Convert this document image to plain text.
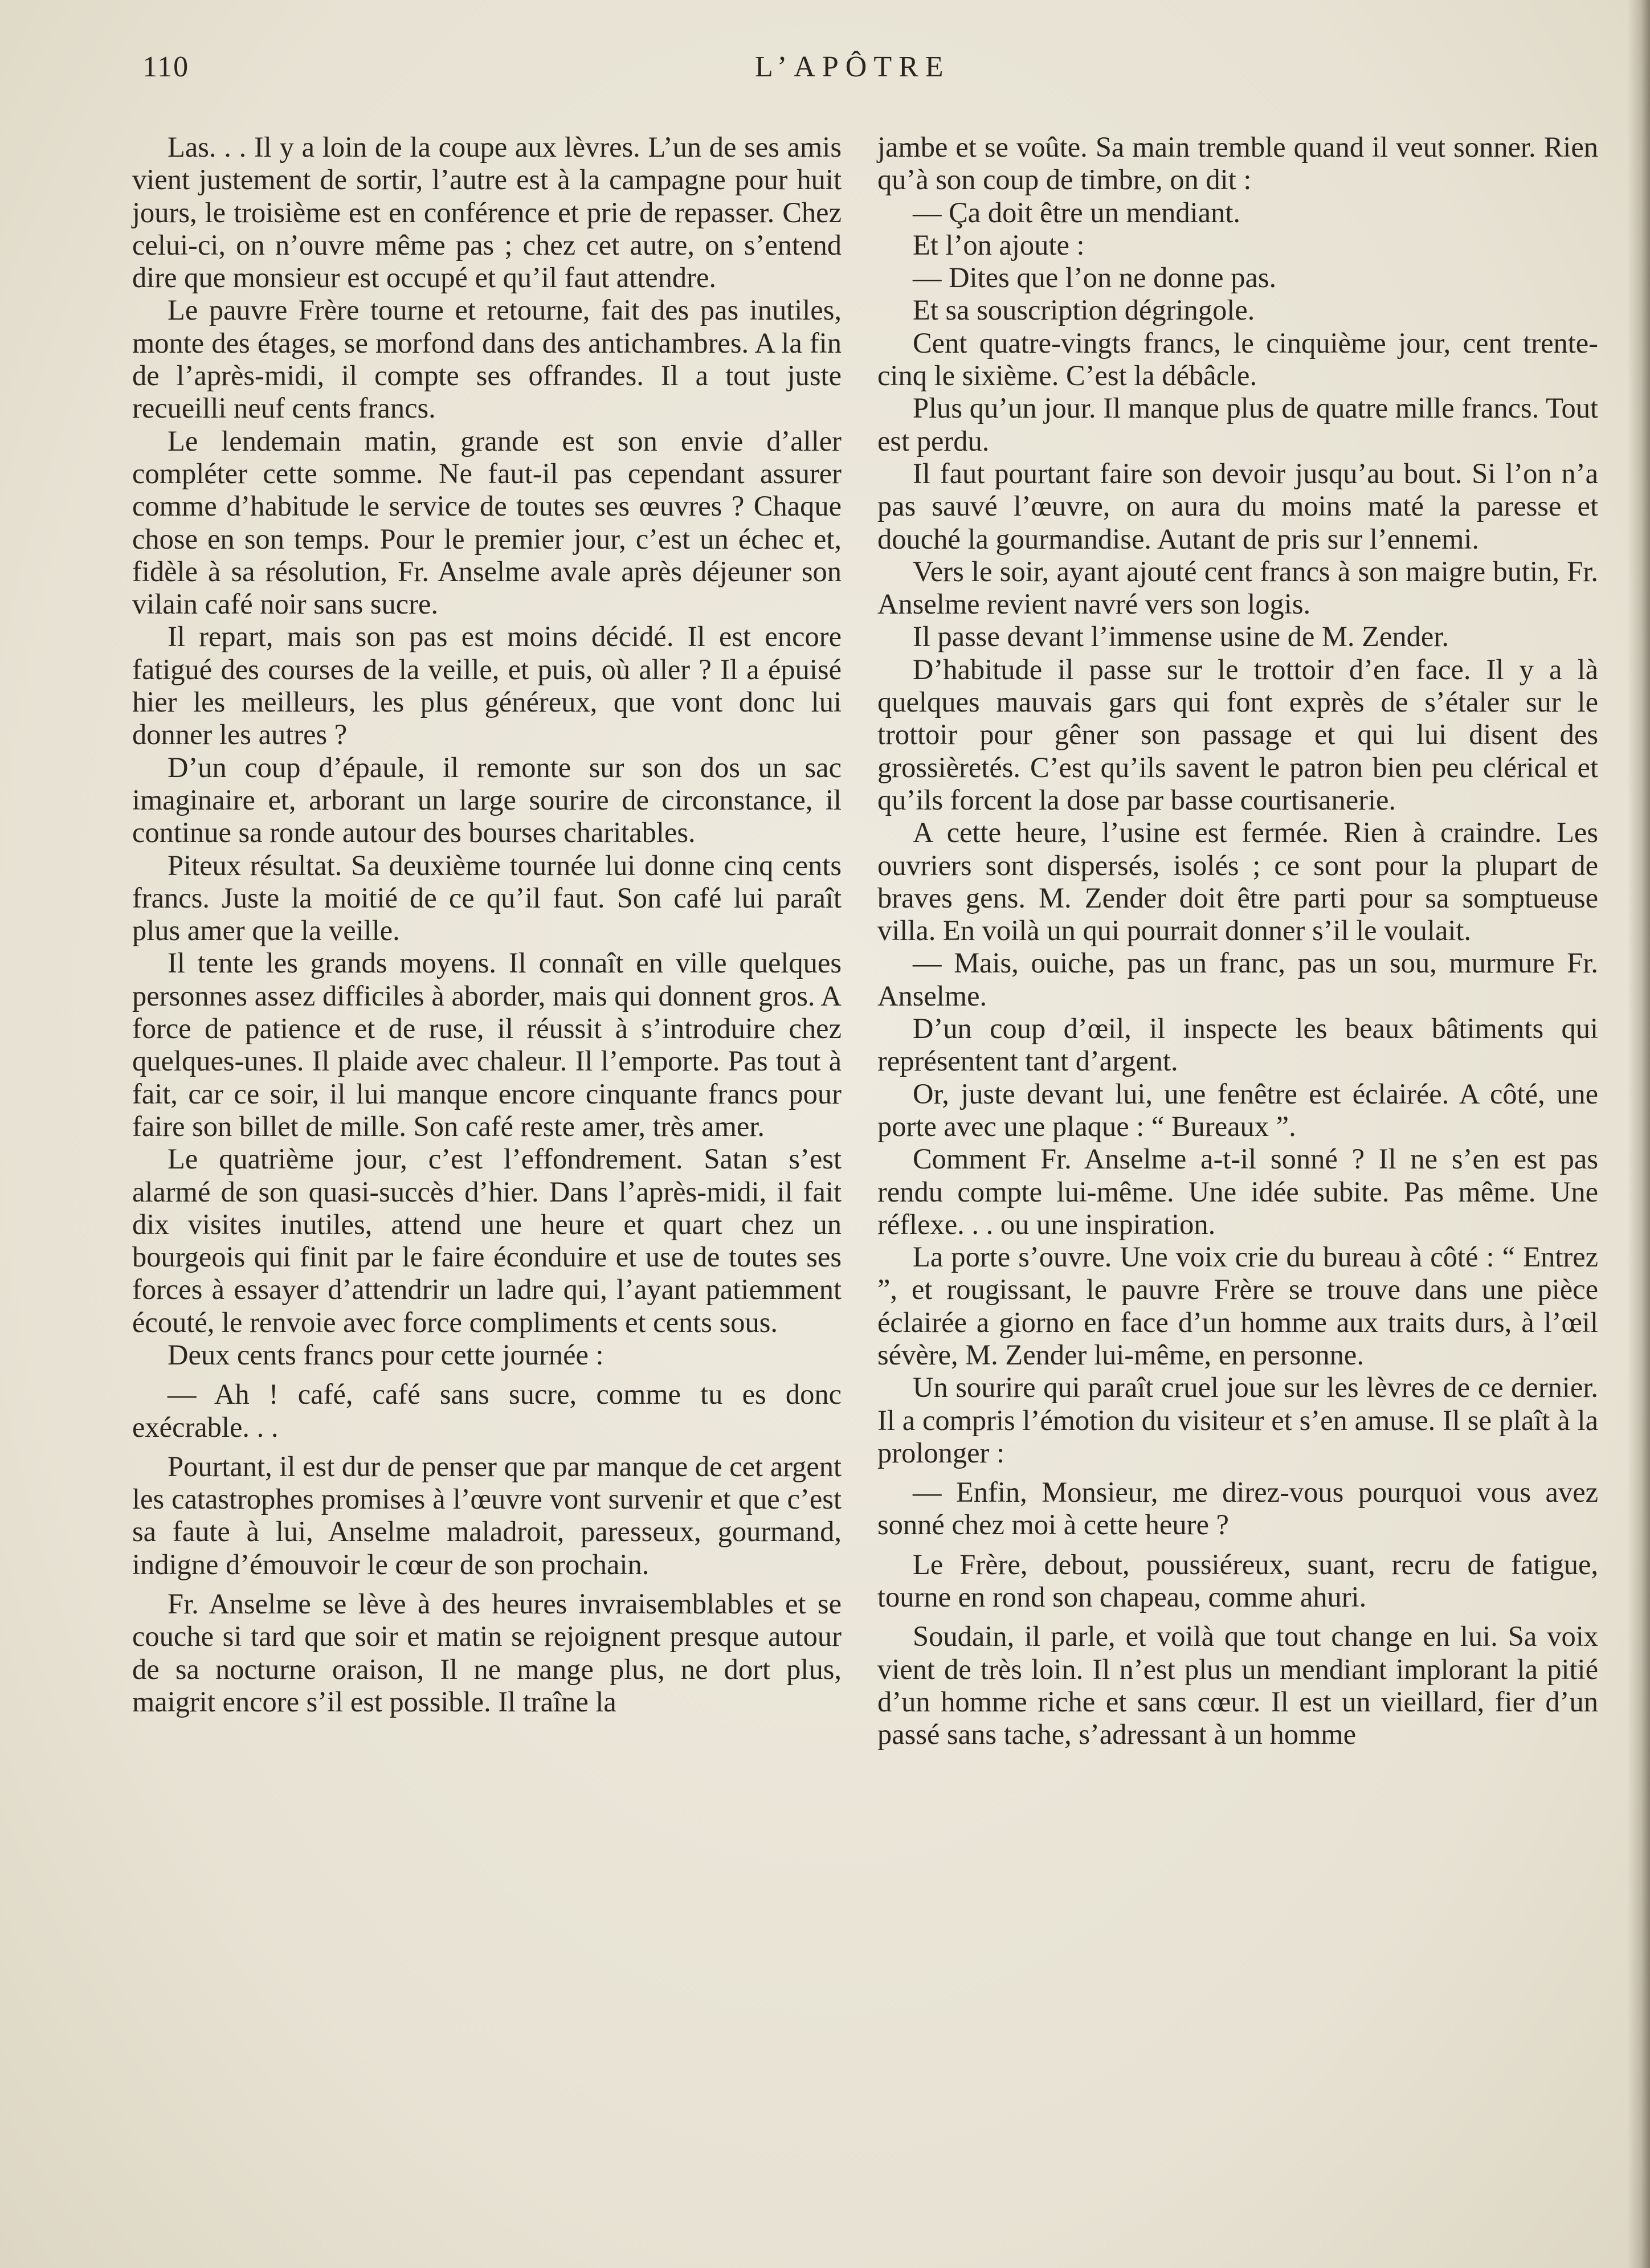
110	L’APÔTRE

Las. . . Il y a loin de la coupe aux lèvres. L’un de ses amis vient justement de sortir, l’autre est à la campagne pour huit jours, le troisième est en conférence et prie de repasser. Chez celui-ci, on n’ouvre même pas ; chez cet autre, on s’entend dire que monsieur est occupé et qu’il faut attendre.

Le pauvre Frère tourne et retourne, fait des pas inutiles, monte des étages, se morfond dans des antichambres. A la fin de l’après-midi, il compte ses offrandes. Il a tout juste recueilli neuf cents francs.

Le lendemain matin, grande est son envie d’aller compléter cette somme. Ne faut-il pas cependant assurer comme d’habitude le service de toutes ses œuvres ? Chaque chose en son temps. Pour le premier jour, c’est un échec et, fidèle à sa résolution, Fr. Anselme avale après déjeuner son vilain café noir sans sucre.

Il repart, mais son pas est moins décidé. Il est encore fatigué des courses de la veille, et puis, où aller ? Il a épuisé hier les meilleurs, les plus généreux, que vont donc lui donner les autres ?

D’un coup d’épaule, il remonte sur son dos un sac imaginaire et, arborant un large sourire de circonstance, il continue sa ronde autour des bourses charitables.

Piteux résultat. Sa deuxième tournée lui donne cinq cents francs. Juste la moitié de ce qu’il faut. Son café lui paraît plus amer que la veille.

Il tente les grands moyens. Il connaît en ville quelques personnes assez difficiles à aborder, mais qui donnent gros. A force de patience et de ruse, il réussit à s’introduire chez quelques-unes. Il plaide avec chaleur. Il l’emporte. Pas tout à fait, car ce soir, il lui manque encore cinquante francs pour faire son billet de mille. Son café reste amer, très amer.

Le quatrième jour, c’est l’effondrement. Satan s’est alarmé de son quasi-succès d’hier. Dans l’après-midi, il fait dix visites inutiles, attend une heure et quart chez un bourgeois qui finit par le faire éconduire et use de toutes ses forces à essayer d’attendrir un ladre qui, l’ayant patiemment écouté, le renvoie avec force compliments et cents sous.

Deux cents francs pour cette journée :

— Ah ! café, café sans sucre, comme tu es donc exécrable. . .

Pourtant, il est dur de penser que par manque de cet argent les catastrophes promises à l’œuvre vont survenir et que c’est sa faute à lui, Anselme maladroit, paresseux, gourmand, indigne d’émouvoir le cœur de son prochain.

Fr. Anselme se lève à des heures invraisemblables et se couche si tard que soir et matin se rejoignent presque autour de sa nocturne oraison, Il ne mange plus, ne dort plus, maigrit encore s’il est possible. Il traîne la

jambe et se voûte. Sa main tremble quand il veut sonner. Rien qu’à son coup de timbre, on dit :

— Ça doit être un mendiant.

Et l’on ajoute :

— Dites que l’on ne donne pas.

Et sa souscription dégringole.

Cent quatre-vingts francs, le cinquième jour, cent trente-cinq le sixième. C’est la débâcle.

Plus qu’un jour. Il manque plus de quatre mille francs. Tout est perdu.

Il faut pourtant faire son devoir jusqu’au bout. Si l’on n’a pas sauvé l’œuvre, on aura du moins maté la paresse et douché la gourmandise. Autant de pris sur l’ennemi.

Vers le soir, ayant ajouté cent francs à son maigre butin, Fr. Anselme revient navré vers son logis.

Il passe devant l’immense usine de M. Zender.

D’habitude il passe sur le trottoir d’en face. Il y a là quelques mauvais gars qui font exprès de s’étaler sur le trottoir pour gêner son passage et qui lui disent des grossièretés. C’est qu’ils savent le patron bien peu clérical et qu’ils forcent la dose par basse courtisanerie.

A cette heure, l’usine est fermée. Rien à craindre. Les ouvriers sont dispersés, isolés ; ce sont pour la plupart de braves gens. M. Zender doit être parti pour sa somptueuse villa. En voilà un qui pourrait donner s’il le voulait.

— Mais, ouiche, pas un franc, pas un sou, murmure Fr. Anselme.

D’un coup d’œil, il inspecte les beaux bâtiments qui représentent tant d’argent.

Or, juste devant lui, une fenêtre est éclairée. A côté, une porte avec une plaque : “ Bureaux ”.

Comment Fr. Anselme a-t-il sonné ? Il ne s’en est pas rendu compte lui-même. Une idée subite. Pas même. Une réflexe. . . ou une inspiration.

La porte s’ouvre. Une voix crie du bureau à côté : “ Entrez ”, et rougissant, le pauvre Frère se trouve dans une pièce éclairée a giorno en face d’un homme aux traits durs, à l’œil sévère, M. Zender lui-même, en personne.

Un sourire qui paraît cruel joue sur les lèvres de ce dernier. Il a compris l’émotion du visiteur et s’en amuse. Il se plaît à la prolonger :

— Enfin, Monsieur, me direz-vous pourquoi vous avez sonné chez moi à cette heure ?

Le Frère, debout, poussiéreux, suant, recru de fatigue, tourne en rond son chapeau, comme ahuri.

Soudain, il parle, et voilà que tout change en lui. Sa voix vient de très loin. Il n’est plus un mendiant implorant la pitié d’un homme riche et sans cœur. Il est un vieillard, fier d’un passé sans tache, s’adressant à un homme
